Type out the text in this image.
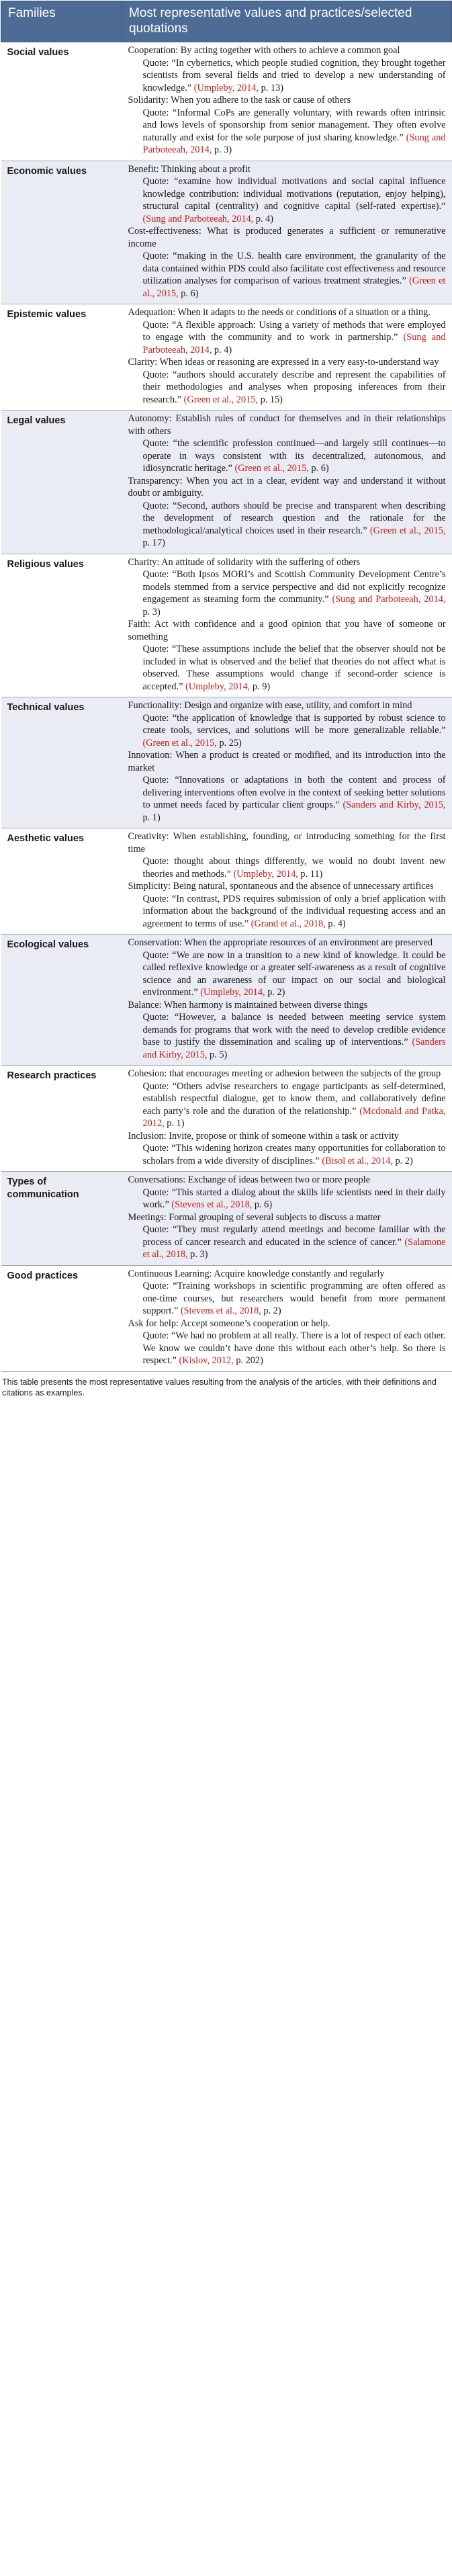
Families	Most representative values and practices/selected quotations
Social values	Cooperation: By acting together with others to achieve a common goal
Quote: “In cybernetics, which people studied cognition, they brought together scientists from several fields and tried to develop a new understanding of knowledge.” (Umpleby, 2014, p. 13)
Solidarity: When you adhere to the task or cause of others
Quote: “Informal CoPs are generally voluntary, with rewards often intrinsic and lows levels of sponsorship from senior management. They often evolve naturally and exist for the sole purpose of just sharing knowledge.” (Sung and Parboteeah, 2014, p. 3)

Economic values	Benefit: Thinking about a profit
Quote: “examine how individual motivations and social capital influence knowledge contribution: individual motivations (reputation, enjoy helping), structural capital (centrality) and cognitive capital (self-rated expertise).” (Sung and Parboteeah, 2014, p. 4)
Cost-effectiveness: What is produced generates a sufficient or remunerative income
Quote: “making in the U.S. health care environment, the granularity of the data contained within PDS could also facilitate cost effectiveness and resource utilization analyses for comparison of various treatment strategies.” (Green et al., 2015, p. 6)

Epistemic values	Adequation: When it adapts to the needs or conditions of a situation or a thing.
Quote: “A flexible approach: Using a variety of methods that were employed to engage with the community and to work in partnership.” (Sung and Parboteeah, 2014, p. 4)
Clarity: When ideas or reasoning are expressed in a very easy-to-understand way
Quote: “authors should accurately describe and represent the capabilities of their methodologies and analyses when proposing inferences from their research.” (Green et al., 2015, p. 15)

Legal values	Autonomy: Establish rules of conduct for themselves and in their relationships with others
Quote: “the scientific profession continued—and largely still continues—to operate in ways consistent with its decentralized, autonomous, and idiosyncratic heritage.” (Green et al., 2015, p. 6)
Transparency: When you act in a clear, evident way and understand it without doubt or ambiguity.
Quote: “Second, authors should be precise and transparent when describing the development of research question and the rationale for the methodological/analytical choices used in their research.” (Green et al., 2015, p. 17)

Religious values	Charity: An attitude of solidarity with the suffering of others
Quote: “Both Ipsos MORI’s and Scottish Community Development Centre’s models stemmed from a service perspective and did not explicitly recognize engagement as steaming form the community.” (Sung and Parboteeah, 2014, p. 3)
Faith: Act with confidence and a good opinion that you have of someone or something
Quote: “These assumptions include the belief that the observer should not be included in what is observed and the belief that theories do not affect what is observed. These assumptions would change if second-order science is accepted.” (Umpleby, 2014, p. 9)

Technical values	Functionality: Design and organize with ease, utility, and comfort in mind
Quote: “the application of knowledge that is supported by robust science to create tools, services, and solutions will be more generalizable reliable.” (Green et al., 2015, p. 25)
Innovation: When a product is created or modified, and its introduction into the market
Quote: “Innovations or adaptations in both the content and process of delivering interventions often evolve in the context of seeking better solutions to unmet needs faced by particular client groups.” (Sanders and Kirby, 2015, p. 1)

Aesthetic values	Creativity: When establishing, founding, or introducing something for the first time
Quote: thought about things differently, we would no doubt invent new theories and methods.” (Umpleby, 2014, p. 11)
Simplicity: Being natural, spontaneous and the absence of unnecessary artifices
Quote: “In contrast, PDS requires submission of only a brief application with information about the background of the individual requesting access and an agreement to terms of use.” (Grand et al., 2018, p. 4)

Ecological values	Conservation: When the appropriate resources of an environment are preserved
Quote: “We are now in a transition to a new kind of knowledge. It could be called reflexive knowledge or a greater self-awareness as a result of cognitive science and an awareness of our impact on our social and biological environment.” (Umpleby, 2014, p. 2)
Balance: When harmony is maintained between diverse things
Quote: “However, a balance is needed between meeting service system demands for programs that work with the need to develop credible evidence base to justify the dissemination and scaling up of interventions.” (Sanders and Kirby, 2015, p. 5)

Research practices	Cohesion: that encourages meeting or adhesion between the subjects of the group
Quote: “Others advise researchers to engage participants as self-determined, establish respectful dialogue, get to know them, and collaboratively define each party’s role and the duration of the relationship.” (Mcdonald and Patka, 2012, p. 1)
Inclusion: Invite, propose or think of someone within a task or activity
Quote: “This widening horizon creates many opportunities for collaboration to scholars from a wide diversity of disciplines.” (Bisol et al., 2014, p. 2)

Types of communication	Conversations: Exchange of ideas between two or more people
Quote: “This started a dialog about the skills life scientists need in their daily work.” (Stevens et al., 2018, p. 6)
Meetings: Formal grouping of several subjects to discuss a matter
Quote: “They must regularly attend meetings and become familiar with the process of cancer research and educated in the science of cancer.” (Salamone et al., 2018, p. 3)

Good practices	Continuous Learning: Acquire knowledge constantly and regularly
Quote: “Training workshops in scientific programming are often offered as one-time courses, but researchers would benefit from more permanent support.” (Stevens et al., 2018, p. 2)
Ask for help: Accept someone’s cooperation or help.
Quote: “We had no problem at all really. There is a lot of respect of each other. We know we couldn’t have done this without each other’s help. So there is respect.” (Kislov, 2012, p. 202)
This table presents the most representative values resulting from the analysis of the articles, with their definitions and citations as examples.
